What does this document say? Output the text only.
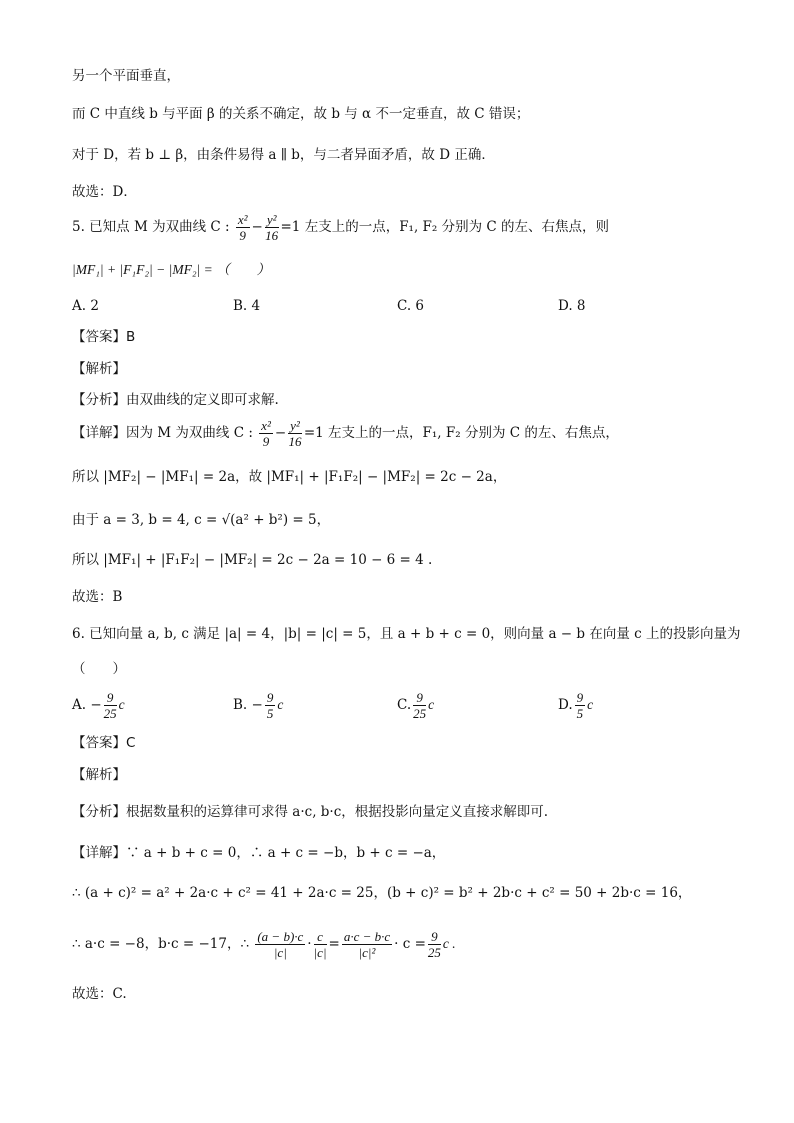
另一个平面垂直，
而 C 中直线 b 与平面 β 的关系不确定，故 b 与 α 不一定垂直，故 C 错误；
对于 D，若 b ⊥ β，由条件易得 a ∥ b，与二者异面矛盾，故 D 正确．
故选：D．
5. 已知点 M 为双曲线 C : $\frac{\text{x²}}{9} - \frac{\text{y²}}{16} =1$ 左支上的一点，F₁, F₂ 分别为 C 的左、右焦点，则
|MF₁| + |F₁F₂| − |MF₂| = （　　）
A. 2	B. 4	C. 6	D. 8
【答案】B
【解析】
【分析】由双曲线的定义即可求解.
【详解】因为 M 为双曲线 C : $\frac{\text{x²}}{9} - \frac{\text{y²}}{16} =1$ 左支上的一点，F₁, F₂ 分别为 C 的左、右焦点，
所以 |MF₂| − |MF₁| = 2a，故 |MF₁| + |F₁F₂| − |MF₂| = 2c − 2a，
由于 a = 3, b = 4, c = √(a² + b²) = 5，
所以 |MF₁| + |F₁F₂| − |MF₂| = 2c − 2a = 10 − 6 = 4 .
故选：B
6. 已知向量 a, b, c 满足 |a| = 4，|b| = |c| = 5，且 a + b + c = 0，则向量 a − b 在向量 c 上的投影向量为
（　　）
A. − $\frac{9}{25}$ c	B. − $\frac{9}{5}$ c	C. $\frac{9}{25}$ c	D. $\frac{9}{5}$ c
【答案】C
【解析】
【分析】根据数量积的运算律可求得 a·c, b·c，根据投影向量定义直接求解即可.
【详解】∵ a + b + c = 0，∴ a + c = −b，b + c = −a，
∴ (a + c)² = a² + 2a·c + c² = 41 + 2a·c = 25，(b + c)² = b² + 2b·c + c² = 50 + 2b·c = 16，
∴ a·c = −8，b·c = −17，∴ $\frac{(a - b)\cdot c}{|c|} \cdot \frac{c}{|c|} = \frac{a\cdot c - b\cdot c}{\text{|c|²}} \cdot c = \frac{9}{25}$ c .
故选：C.
